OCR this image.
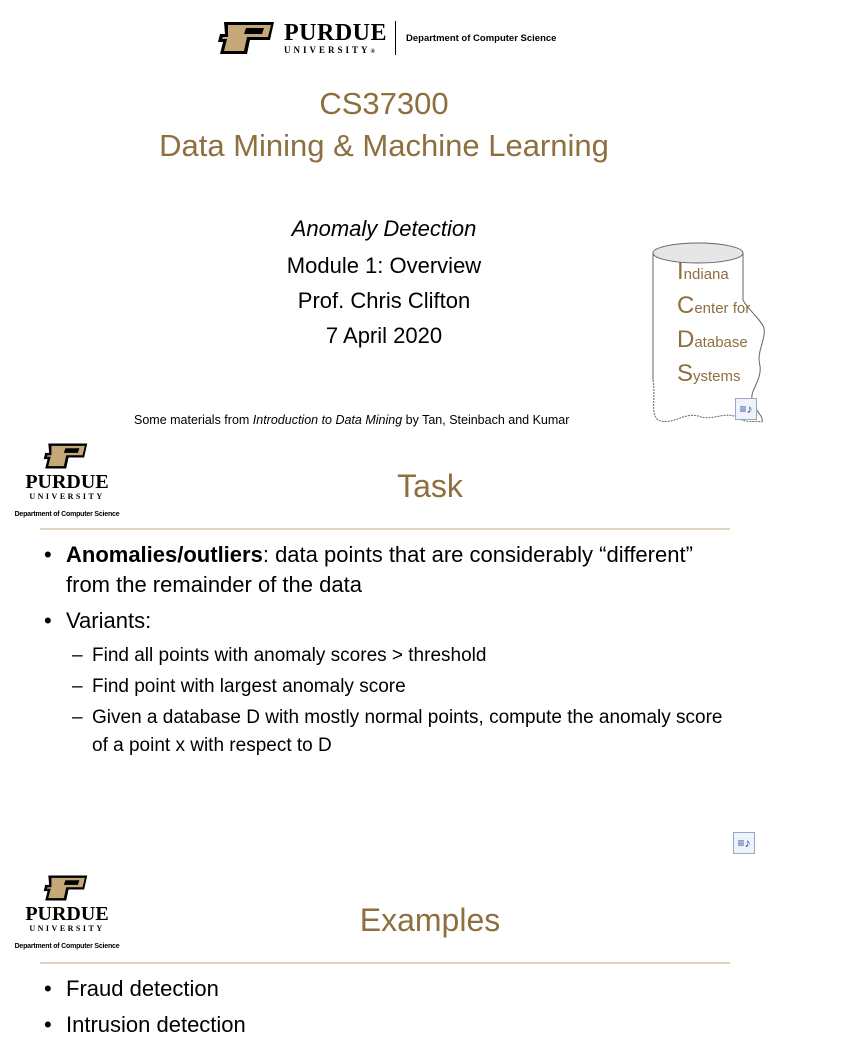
PURDUE
UNIVERSITY®
Department of Computer Science
CS37300
Data Mining & Machine Learning
Anomaly Detection
Module 1: Overview
Prof. Chris Clifton
7 April 2020
Some materials from Introduction to Data Mining by Tan, Steinbach and Kumar
Indiana
Center for
Database
Systems
≡♪
PURDUE
UNIVERSITY
Department of Computer Science
Task
• Anomalies/outliers: data points that are considerably “different” from the remainder of the data
• Variants:
– Find all points with anomaly scores > threshold
– Find point with largest anomaly score
– Given a database D with mostly normal points, compute the anomaly score of a point x with respect to D
≡♪
PURDUE
UNIVERSITY
Department of Computer Science
Examples
• Fraud detection
• Intrusion detection
